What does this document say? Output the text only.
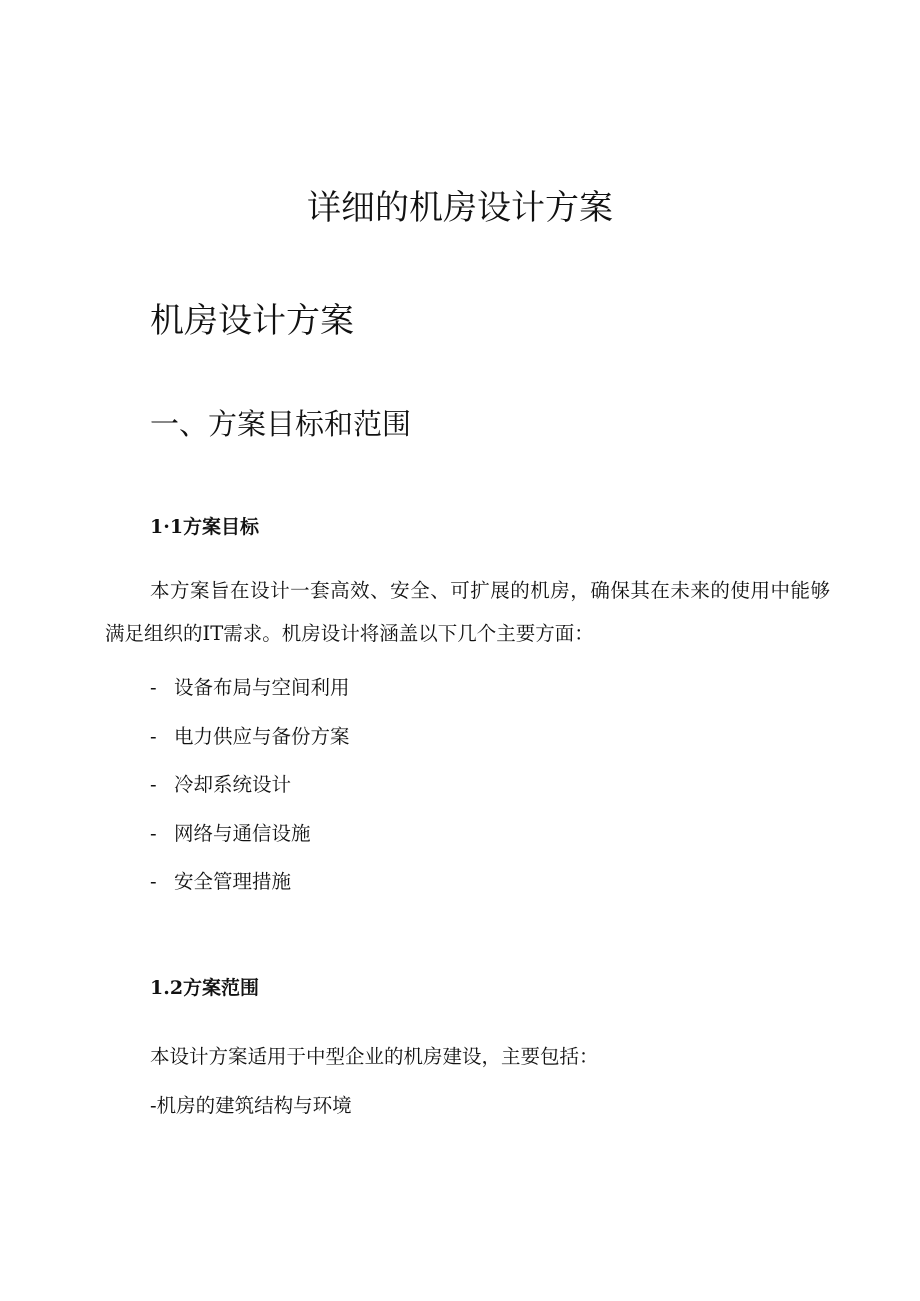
详细的机房设计方案
机房设计方案
一、方案目标和范围
1·1方案目标

本方案旨在设计一套高效、安全、可扩展的机房，确保其在未来的使用中能够满足组织的IT需求。机房设计将涵盖以下几个主要方面：

- 设备布局与空间利用
- 电力供应与备份方案
- 冷却系统设计
- 网络与通信设施
- 安全管理措施
1.2方案范围

本设计方案适用于中型企业的机房建设，主要包括：

-机房的建筑结构与环境
